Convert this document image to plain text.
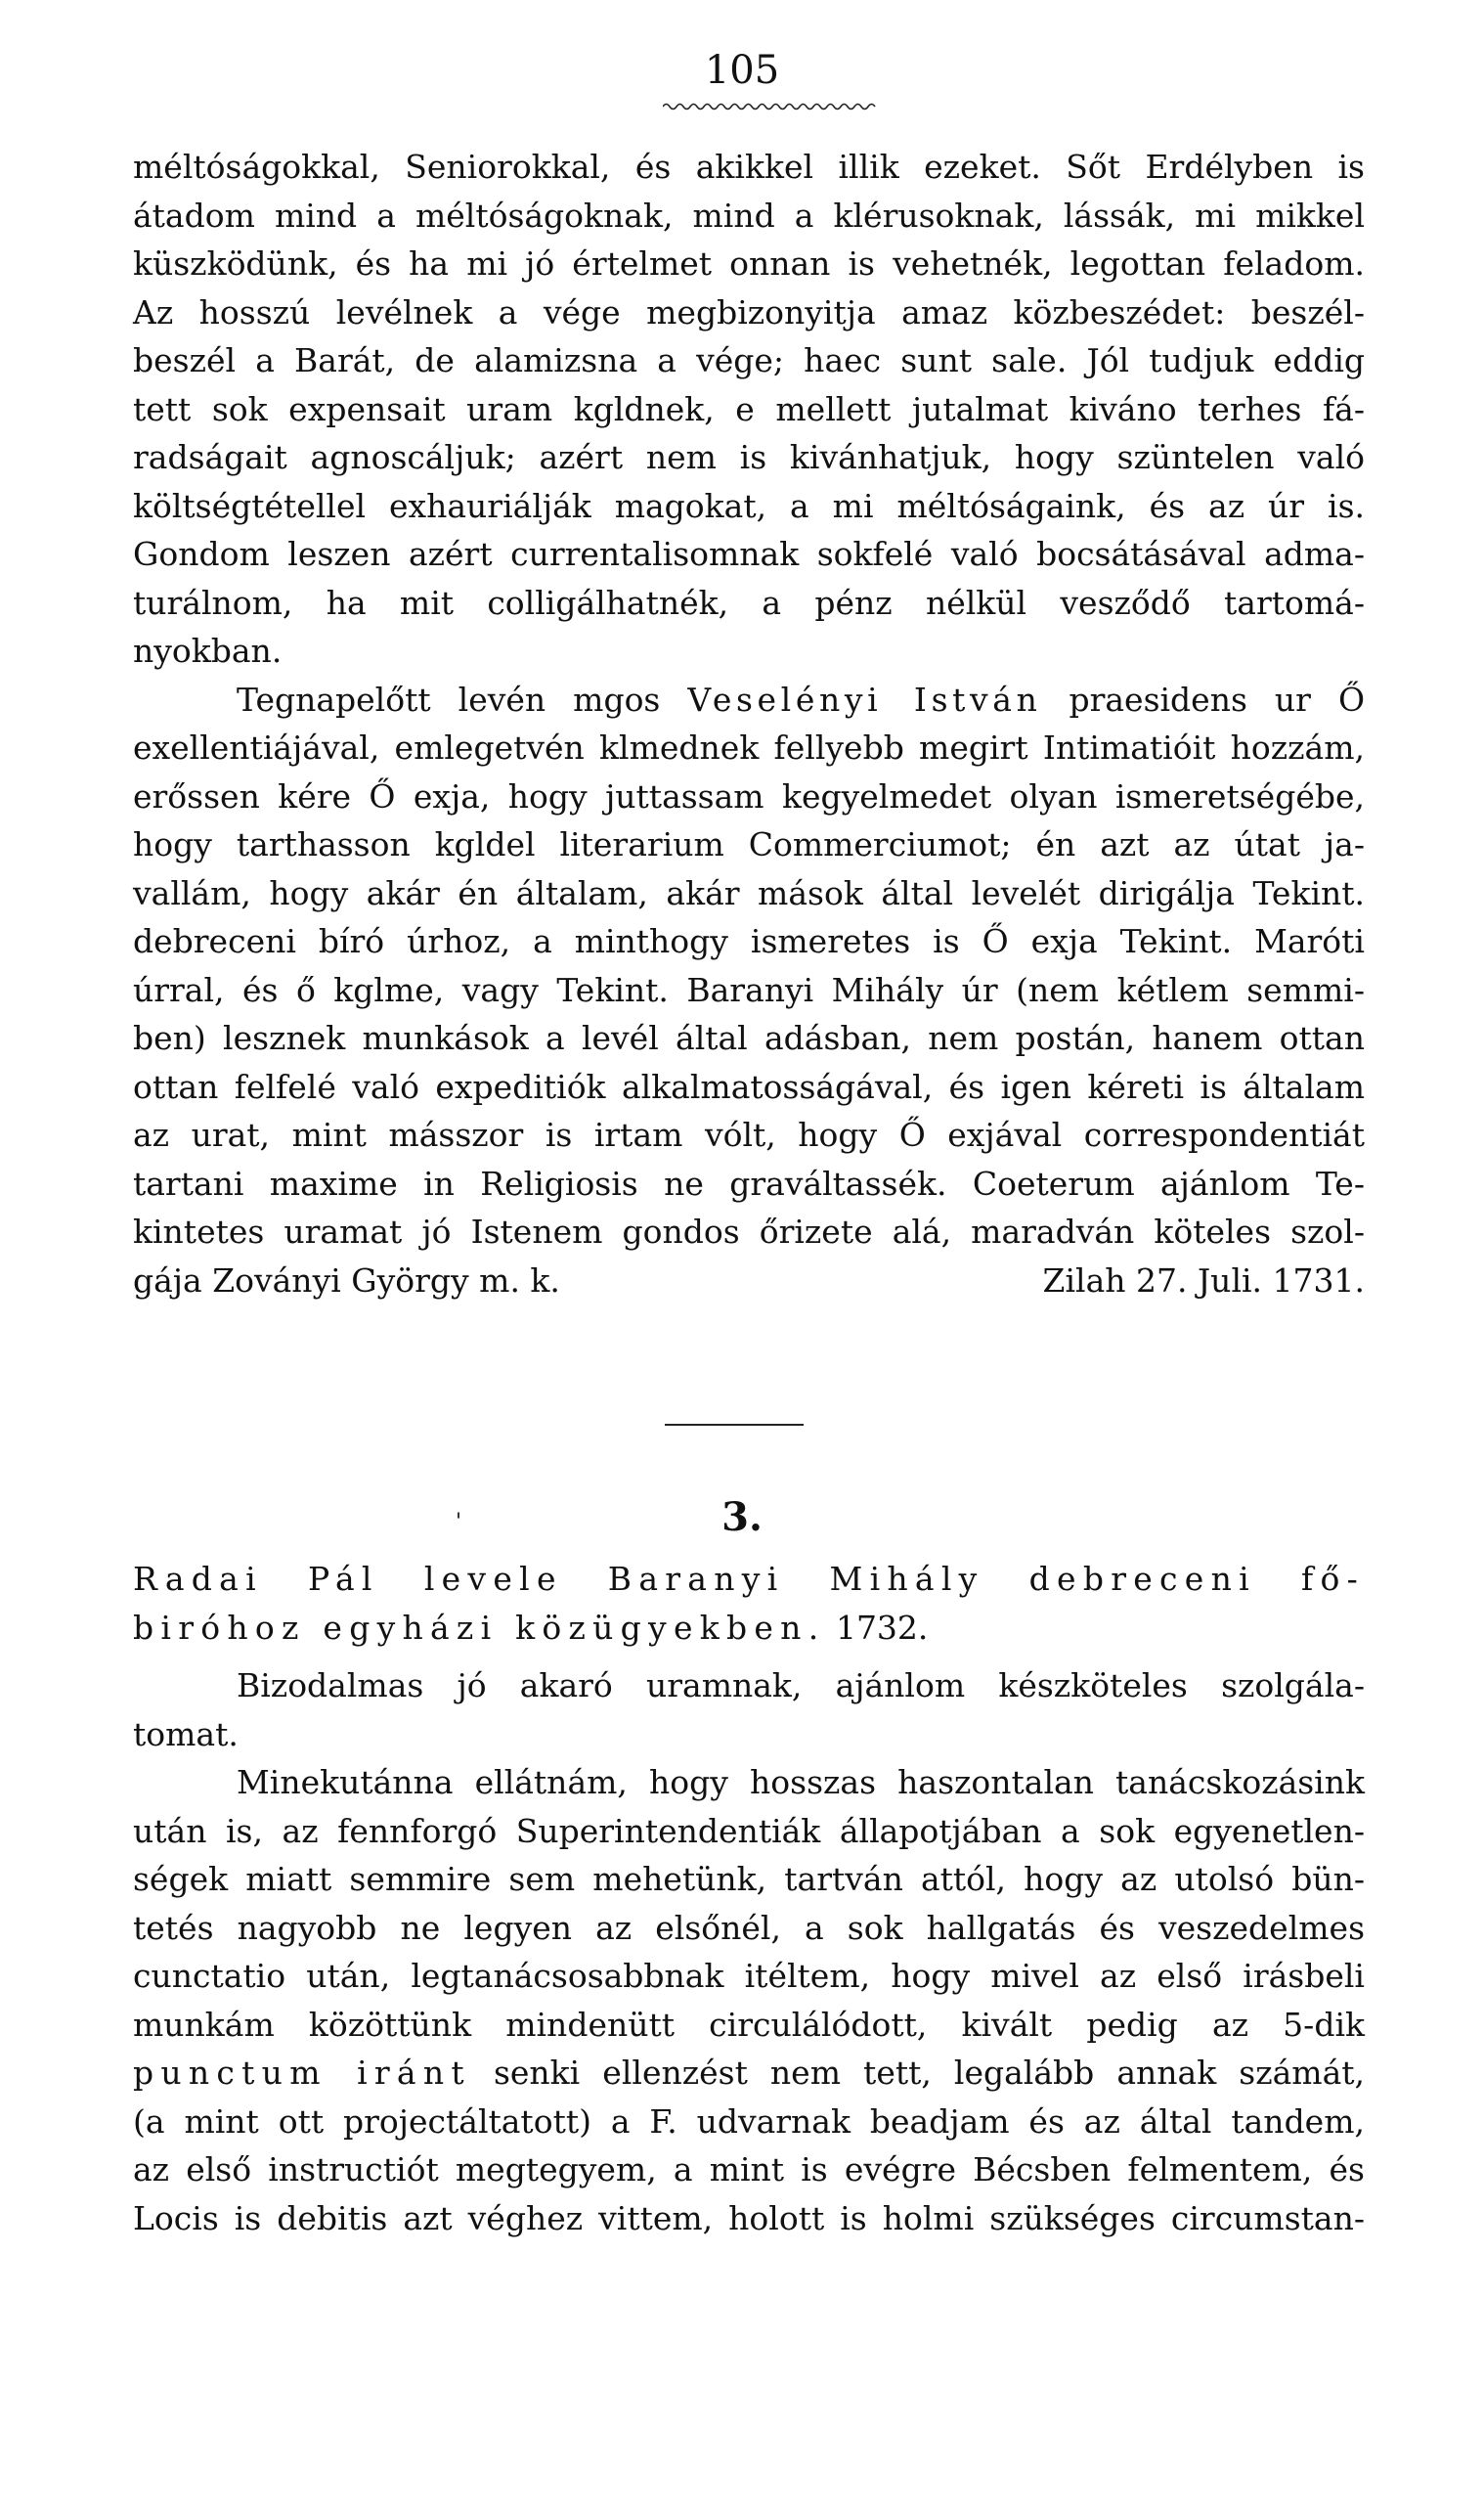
105
méltóságokkal, Seniorokkal, és akikkel illik ezeket. Sőt Erdélyben is
átadom mind a méltóságoknak, mind a klérusoknak, lássák, mi mikkel
küszködünk, és ha mi jó értelmet onnan is vehetnék, legottan feladom.
Az hosszú levélnek a vége megbizonyitja amaz közbeszédet: beszél-
beszél a Barát, de alamizsna a vége; haec sunt sale. Jól tudjuk eddig
tett sok expensait uram kgldnek, e mellett jutalmat kiváno terhes fá-
radságait agnoscáljuk; azért nem is kivánhatjuk, hogy szüntelen való
költségtétellel exhauriálják magokat, a mi méltóságaink, és az úr is.
Gondom leszen azért currentalisomnak sokfelé való bocsátásával adma-
turálnom, ha mit colligálhatnék, a pénz nélkül vesződő tartomá-
nyokban.
Tegnapelőtt levén mgos Veselényi István praesidens ur Ő
exellentiájával, emlegetvén klmednek fellyebb megirt Intimatióit hozzám,
erőssen kére Ő exja, hogy juttassam kegyelmedet olyan ismeretségébe,
hogy tarthasson kgldel literarium Commerciumot; én azt az útat ja-
vallám, hogy akár én általam, akár mások által levelét dirigálja Tekint.
debreceni bíró úrhoz, a minthogy ismeretes is Ő exja Tekint. Maróti
úrral, és ő kglme, vagy Tekint. Baranyi Mihály úr (nem kétlem semmi-
ben) lesznek munkások a levél által adásban, nem postán, hanem ottan
ottan felfelé való expeditiók alkalmatosságával, és igen kéreti is általam
az urat, mint másszor is irtam vólt, hogy Ő exjával correspondentiát
tartani maxime in Religiosis ne graváltassék. Coeterum ajánlom Te-
kintetes uramat jó Istenem gondos őrizete alá, maradván köteles szol-
gája Zoványi György m. k.	Zilah 27. Juli. 1731.
'	3.
Radai Pál levele Baranyi Mihály debreceni fő-
biróhoz egyházi közügyekben. 1732.
Bizodalmas jó akaró uramnak, ajánlom készköteles szolgála-
tomat.
Minekutánna ellátnám, hogy hosszas haszontalan tanácskozásink
után is, az fennforgó Superintendentiák állapotjában a sok egyenetlen-
ségek miatt semmire sem mehetünk, tartván attól, hogy az utolsó bün-
tetés nagyobb ne legyen az elsőnél, a sok hallgatás és veszedelmes
cunctatio után, legtanácsosabbnak itéltem, hogy mivel az első irásbeli
munkám közöttünk mindenütt circulálódott, kivált pedig az 5-dik
punctum iránt senki ellenzést nem tett, legalább annak számát,
(a mint ott projectáltatott) a F. udvarnak beadjam és az által tandem,
az első instructiót megtegyem, a mint is evégre Bécsben felmentem, és
Locis is debitis azt véghez vittem, holott is holmi szükséges circumstan-
